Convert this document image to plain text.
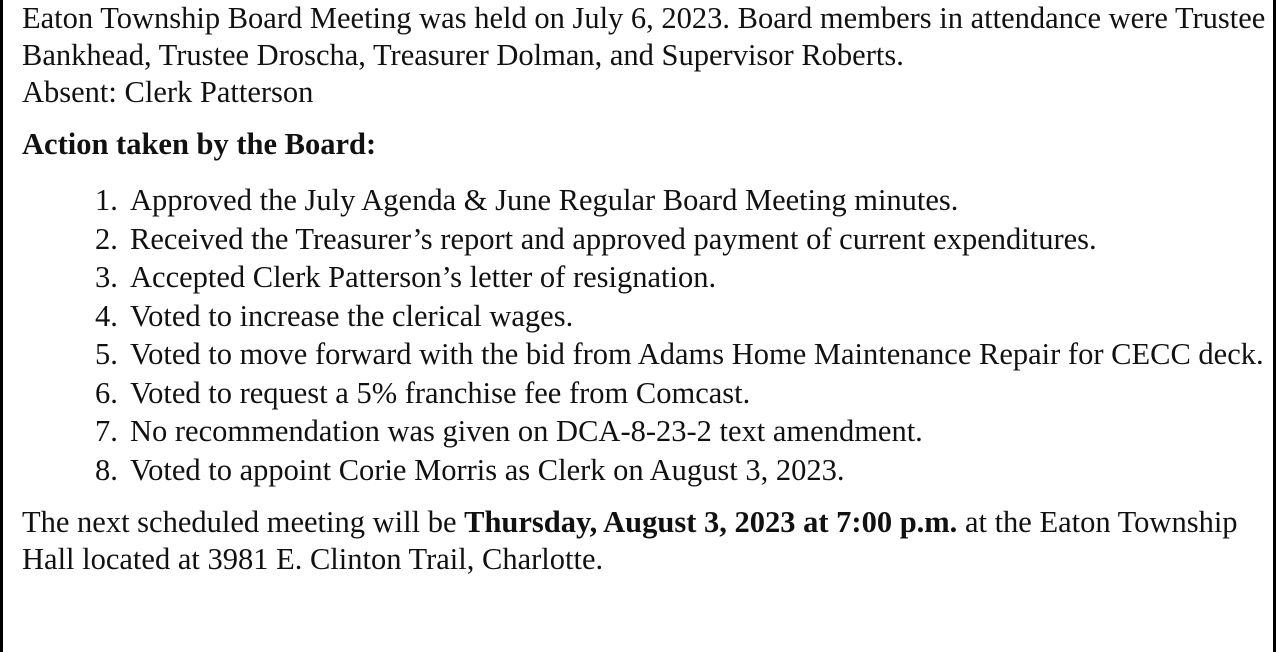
Eaton Township Board Meeting was held on July 6, 2023. Board members in attendance were Trustee Bankhead, Trustee Droscha, Treasurer Dolman, and Supervisor Roberts.
Absent: Clerk Patterson

Action taken by the Board:

1. Approved the July Agenda & June Regular Board Meeting minutes.
2. Received the Treasurer’s report and approved payment of current expenditures.
3. Accepted Clerk Patterson’s letter of resignation.
4. Voted to increase the clerical wages.
5. Voted to move forward with the bid from Adams Home Maintenance Repair for CECC deck.
6. Voted to request a 5% franchise fee from Comcast.
7. No recommendation was given on DCA-8-23-2 text amendment.
8. Voted to appoint Corie Morris as Clerk on August 3, 2023.

The next scheduled meeting will be Thursday, August 3, 2023 at 7:00 p.m. at the Eaton Township Hall located at 3981 E. Clinton Trail, Charlotte.
